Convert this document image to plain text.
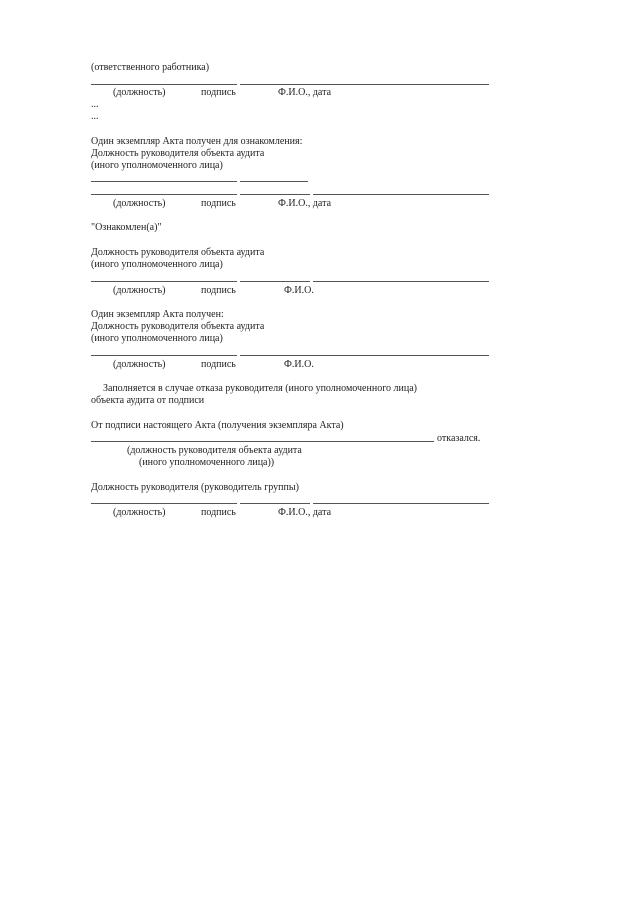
(ответственного работника)
(должность)	подпись	Ф.И.О., дата
...
...
Один экземпляр Акта получен для ознакомления:
Должность руководителя объекта аудита
(иного уполномоченного лица)
(должность)	подпись	Ф.И.О., дата
"Ознакомлен(а)"
Должность руководителя объекта аудита
(иного уполномоченного лица)
(должность)	подпись	Ф.И.О.
Один экземпляр Акта получен:
Должность руководителя объекта аудита
(иного уполномоченного лица)
(должность)	подпись	Ф.И.О.
Заполняется в случае отказа руководителя (иного уполномоченного лица)
объекта аудита от подписи
От подписи настоящего Акта (получения экземпляра Акта)
отказался.
(должность руководителя объекта аудита
(иного уполномоченного лица))
Должность руководителя (руководитель группы)
(должность)	подпись	Ф.И.О., дата
